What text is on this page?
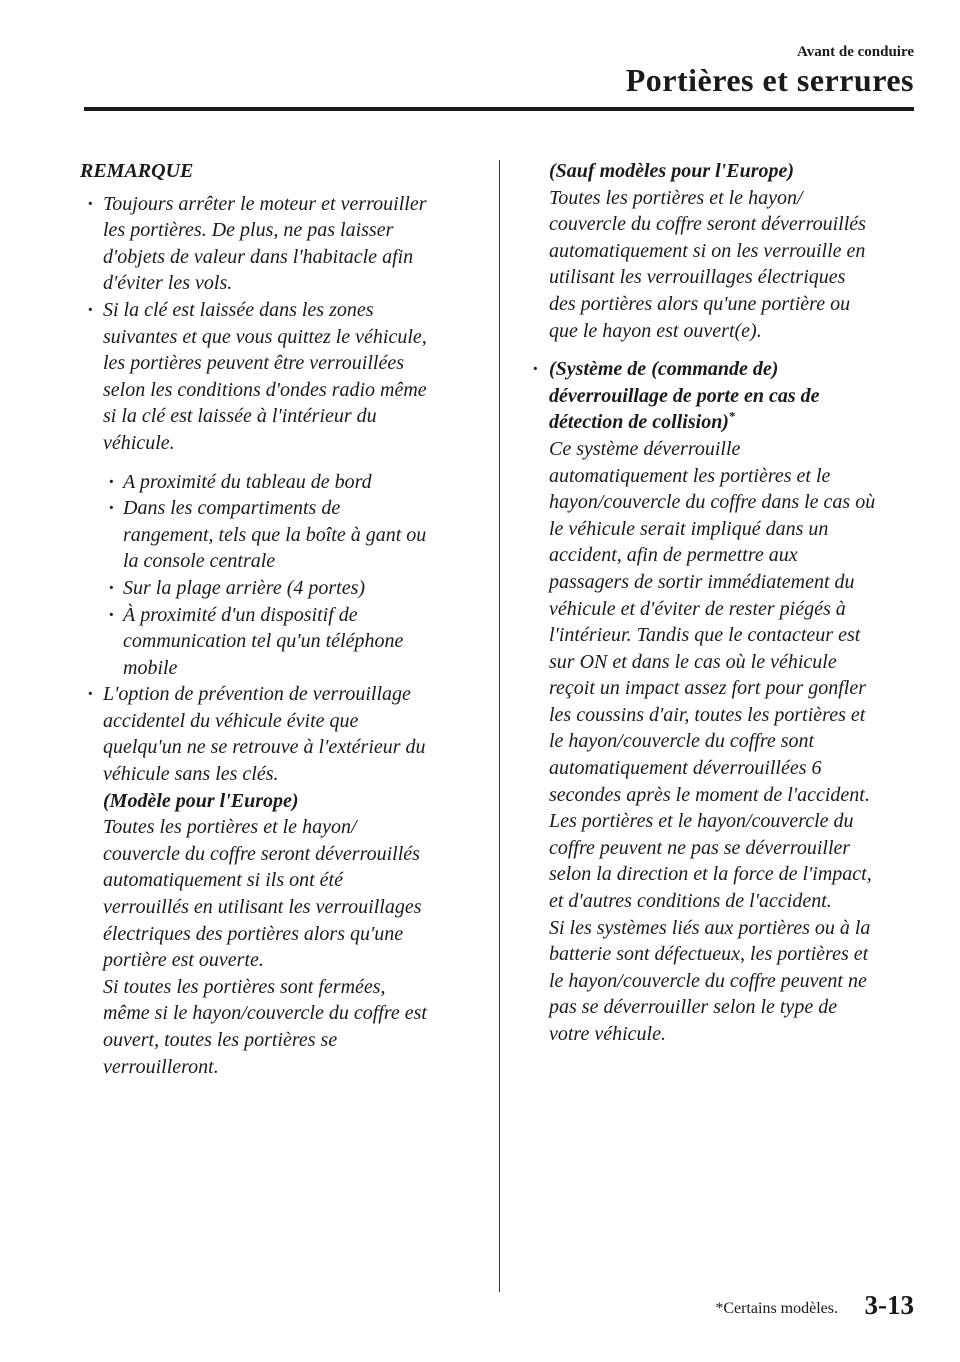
Avant de conduire
Portières et serrures

REMARQUE

· Toujours arrêter le moteur et verrouiller
les portières. De plus, ne pas laisser
d'objets de valeur dans l'habitacle afin
d'éviter les vols.
· Si la clé est laissée dans les zones
suivantes et que vous quittez le véhicule,
les portières peuvent être verrouillées
selon les conditions d'ondes radio même
si la clé est laissée à l'intérieur du
véhicule.
· A proximité du tableau de bord
· Dans les compartiments de
rangement, tels que la boîte à gant ou
la console centrale
· Sur la plage arrière (4 portes)
· À proximité d'un dispositif de
communication tel qu'un téléphone
mobile
· L'option de prévention de verrouillage
accidentel du véhicule évite que
quelqu'un ne se retrouve à l'extérieur du
véhicule sans les clés.
(Modèle pour l'Europe)
Toutes les portières et le hayon/
couvercle du coffre seront déverrouillés
automatiquement si ils ont été
verrouillés en utilisant les verrouillages
électriques des portières alors qu'une
portière est ouverte.
Si toutes les portières sont fermées,
même si le hayon/couvercle du coffre est
ouvert, toutes les portières se
verrouilleront.
(Sauf modèles pour l'Europe)
Toutes les portières et le hayon/
couvercle du coffre seront déverrouillés
automatiquement si on les verrouille en
utilisant les verrouillages électriques
des portières alors qu'une portière ou
que le hayon est ouvert(e).
· (Système de (commande de)
déverrouillage de porte en cas de
détection de collision)*
Ce système déverrouille
automatiquement les portières et le
hayon/couvercle du coffre dans le cas où
le véhicule serait impliqué dans un
accident, afin de permettre aux
passagers de sortir immédiatement du
véhicule et d'éviter de rester piégés à
l'intérieur. Tandis que le contacteur est
sur ON et dans le cas où le véhicule
reçoit un impact assez fort pour gonfler
les coussins d'air, toutes les portières et
le hayon/couvercle du coffre sont
automatiquement déverrouillées 6
secondes après le moment de l'accident.
Les portières et le hayon/couvercle du
coffre peuvent ne pas se déverrouiller
selon la direction et la force de l'impact,
et d'autres conditions de l'accident.
Si les systèmes liés aux portières ou à la
batterie sont défectueux, les portières et
le hayon/couvercle du coffre peuvent ne
pas se déverrouiller selon le type de
votre véhicule.
*Certains modèles. 3-13
